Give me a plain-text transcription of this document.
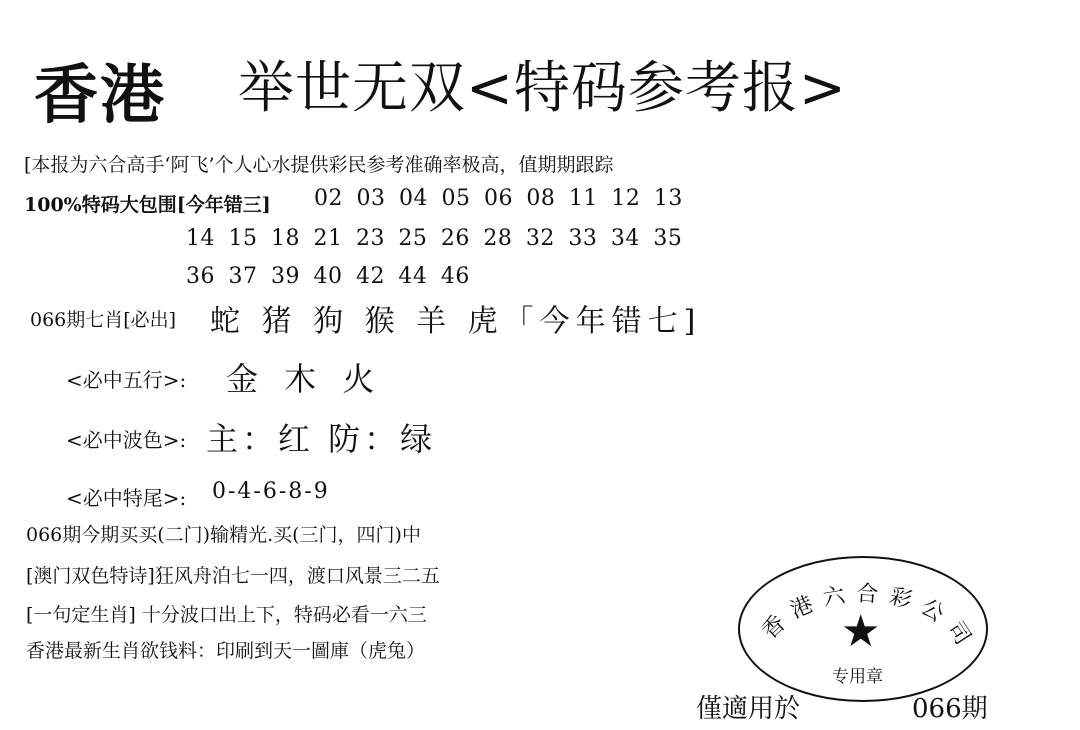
香港 举世无双<特码参考报>
[本报为六合高手‘阿飞’个人心水提供彩民参考准确率极高，值期期跟踪
100%特码大包围[今年错三] 02 03 04 05 06 08 11 12 13
14 15 18 21 23 25 26 28 32 33 34 35
36 37 39 40 42 44 46
066期七肖[必出] 蛇 猪 狗 猴 羊 虎「今年错七]
<必中五行>: 金 木 火
<必中波色>: 主：红 防：绿
<必中特尾>: 0-4-6-8-9
066期今期买买(二门)输精光.买(三门，四门)中
[澳门双色特诗]狂风舟泊七一四，渡口风景三二五
[一句定生肖] 十分波口出上下，特码必看一六三
香港最新生肖欲钱料：印刷到天一圖庫（虎兔）
香港六合彩公司
★
专用章
僅適用於	066期
